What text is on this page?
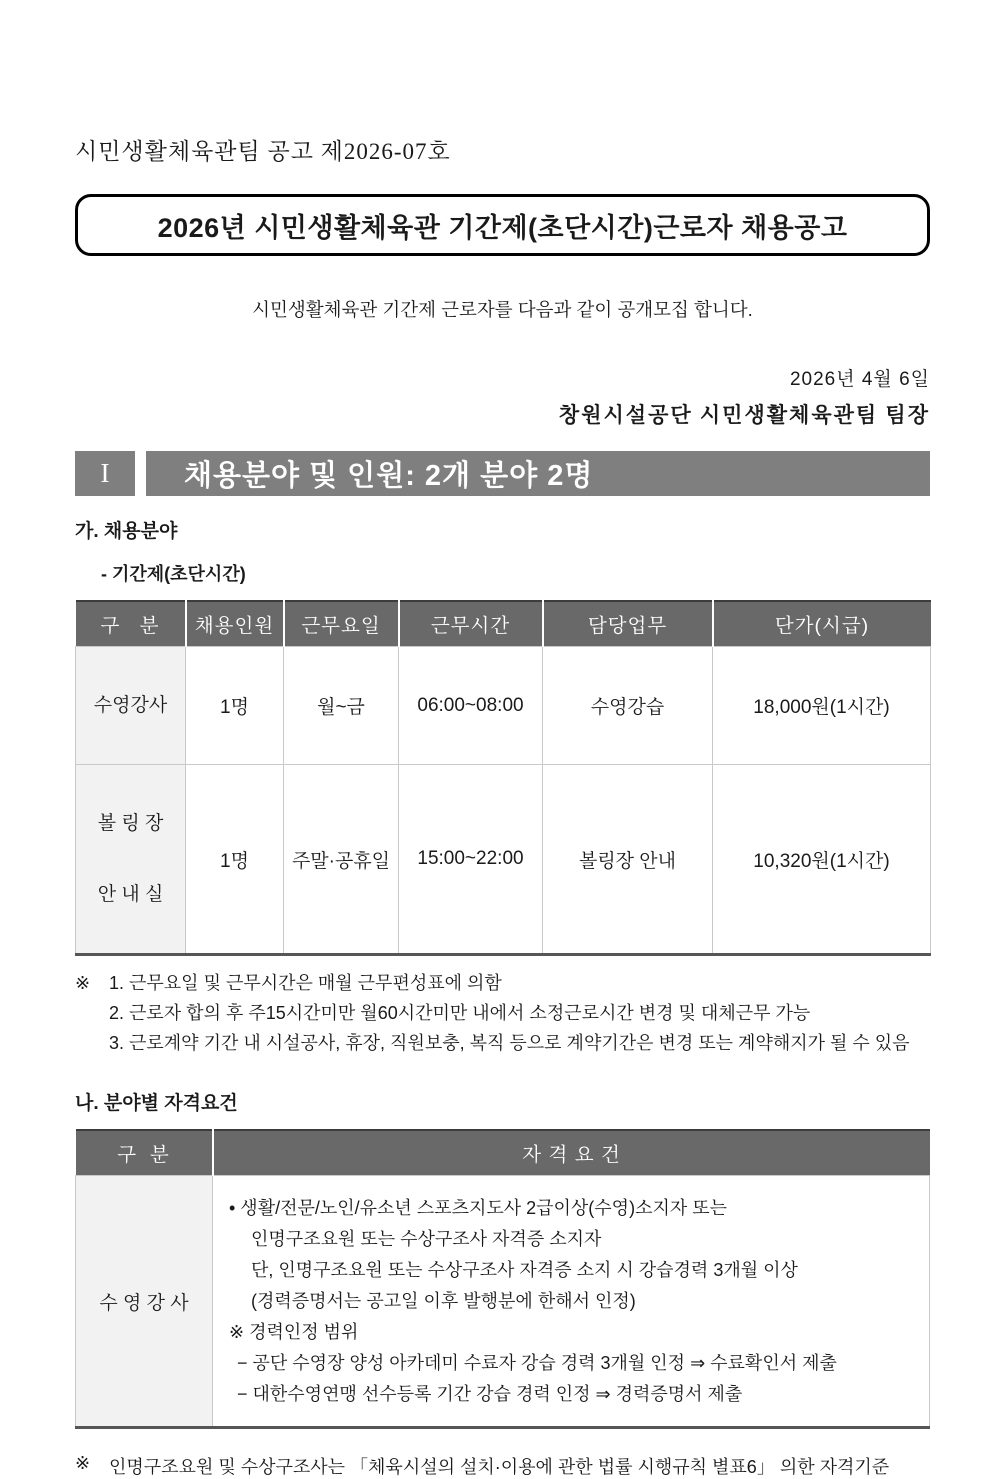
시민생활체육관팀 공고 제2026-07호
2026년 시민생활체육관 기간제(초단시간)근로자 채용공고
시민생활체육관 기간제 근로자를 다음과 같이 공개모집 합니다.
2026년 4월 6일
창원시설공단 시민생활체육관팀 팀장
I	채용분야 및 인원: 2개 분야 2명
가. 채용분야
- 기간제(초단시간)
구   분	채용인원	근무요일	근무시간	담당업무	단가(시급)

수영강사	1명	월~금	06:00~08:00	수영강습	18,000원(1시간)

볼 링 장

안 내 실	1명	주말·공휴일	15:00~22:00	볼링장 안내	10,320원(1시간)
※	1. 근무요일 및 근무시간은 매월 근무편성표에 의함
2. 근로자 합의 후 주15시간미만 월60시간미만 내에서 소정근로시간 변경 및 대체근무 가능
3. 근로계약 기간 내 시설공사, 휴장, 직원보충, 복직 등으로 계약기간은 변경 또는 계약해지가 될 수 있음
나. 분야별 자격요건
구  분	자 격 요 건
수 영 강 사	
• 생활/전문/노인/유소년 스포츠지도사 2급이상(수영)소지자 또는
인명구조요원 또는 수상구조사 자격증 소지자
단, 인명구조요원 또는 수상구조사 자격증 소지 시 강습경력 3개월 이상
(경력증명서는 공고일 이후 발행분에 한해서 인정)
※ 경력인정 범위
− 공단 수영장 양성 아카데미 수료자 강습 경력 3개월 인정 ⇒ 수료확인서 제출
− 대한수영연맹 선수등록 기간 강습 경력 인정 ⇒ 경력증명서 제출
※	인명구조요원 및 수상구조사는 「체육시설의 설치·이용에 관한 법률 시행규칙 별표6」 의한 자격기준
